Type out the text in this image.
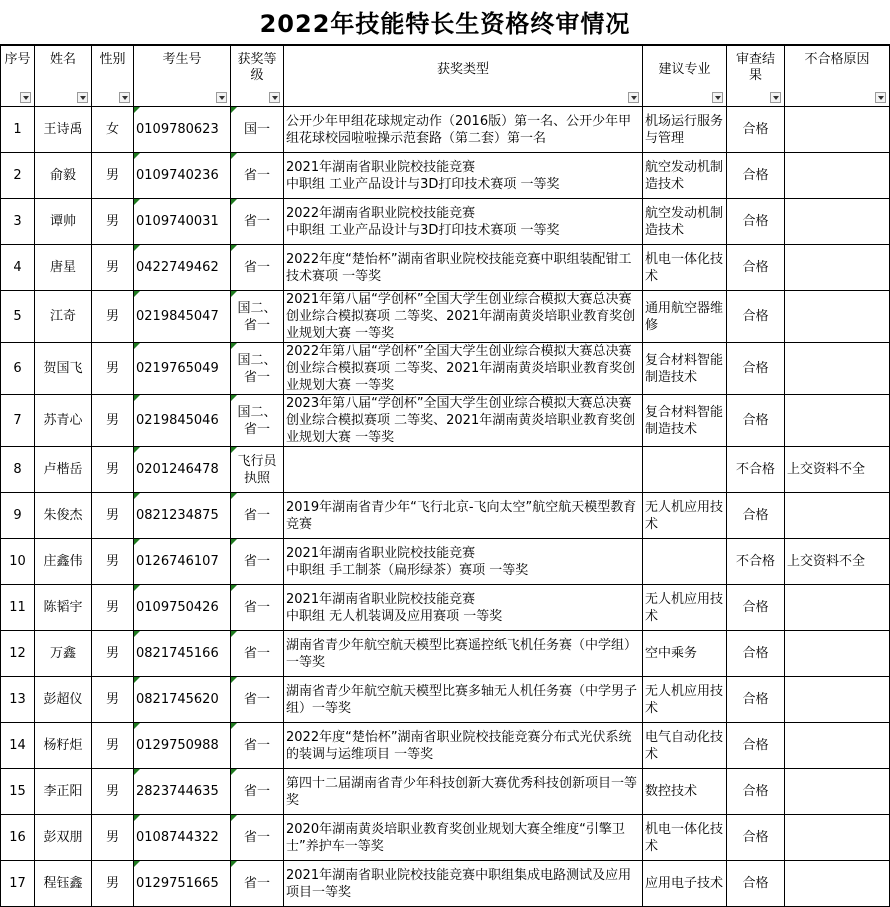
2022年技能特长生资格终审情况
序号	姓名	性别	考生号	获奖等级	获奖类型	建议专业	审查结果	不合格原因

1	王诗禹	女	0109780623	国一	公开少年甲组花球规定动作（2016版）第一名、公开少年甲组花球校园啦啦操示范套路（第二套）第一名	机场运行服务与管理	合格	
2	俞毅	男	0109740236	省一	2021年湖南省职业院校技能竞赛
中职组 工业产品设计与3D打印技术赛项 一等奖	航空发动机制造技术	合格	
3	谭帅	男	0109740031	省一	2022年湖南省职业院校技能竞赛
中职组 工业产品设计与3D打印技术赛项 一等奖	航空发动机制造技术	合格	
4	唐星	男	0422749462	省一	2022年度“楚怡杯”湖南省职业院校技能竞赛中职组装配钳工技术赛项 一等奖	机电一体化技术	合格	
5	江奇	男	0219845047	国二、省一	2021年第八届“学创杯”全国大学生创业综合模拟大赛总决赛创业综合模拟赛项 二等奖、2021年湖南黄炎培职业教育奖创业规划大赛 一等奖	通用航空器维修	合格	
6	贺国飞	男	0219765049	国二、省一	2022年第八届“学创杯”全国大学生创业综合模拟大赛总决赛创业综合模拟赛项 二等奖、2021年湖南黄炎培职业教育奖创业规划大赛 一等奖	复合材料智能制造技术	合格	
7	苏青心	男	0219845046	国二、省一	2023年第八届“学创杯”全国大学生创业综合模拟大赛总决赛创业综合模拟赛项 二等奖、2021年湖南黄炎培职业教育奖创业规划大赛 一等奖	复合材料智能制造技术	合格	
8	卢楷岳	男	0201246478	飞行员执照			不合格	上交资料不全
9	朱俊杰	男	0821234875	省一	2019年湖南省青少年“飞行北京-飞向太空”航空航天模型教育竞赛	无人机应用技术	合格	
10	庄鑫伟	男	0126746107	省一	2021年湖南省职业院校技能竞赛
中职组 手工制茶（扁形绿茶）赛项 一等奖		不合格	上交资料不全
11	陈韬宇	男	0109750426	省一	2021年湖南省职业院校技能竞赛
中职组 无人机装调及应用赛项 一等奖	无人机应用技术	合格	
12	万鑫	男	0821745166	省一	湖南省青少年航空航天模型比赛遥控纸飞机任务赛（中学组）一等奖	空中乘务	合格	
13	彭超仪	男	0821745620	省一	湖南省青少年航空航天模型比赛多轴无人机任务赛（中学男子组）一等奖	无人机应用技术	合格	
14	杨籽炬	男	0129750988	省一	2022年度“楚怡杯”湖南省职业院校技能竞赛分布式光伏系统的装调与运维项目 一等奖	电气自动化技术	合格	
15	李正阳	男	2823744635	省一	第四十二届湖南省青少年科技创新大赛优秀科技创新项目一等奖	数控技术	合格	
16	彭双朋	男	0108744322	省一	2020年湖南黄炎培职业教育奖创业规划大赛全维度“引擎卫士”养护车一等奖	机电一体化技术	合格	
17	程钰鑫	男	0129751665	省一	2021年湖南省职业院校技能竞赛中职组集成电路测试及应用项目一等奖	应用电子技术	合格	
